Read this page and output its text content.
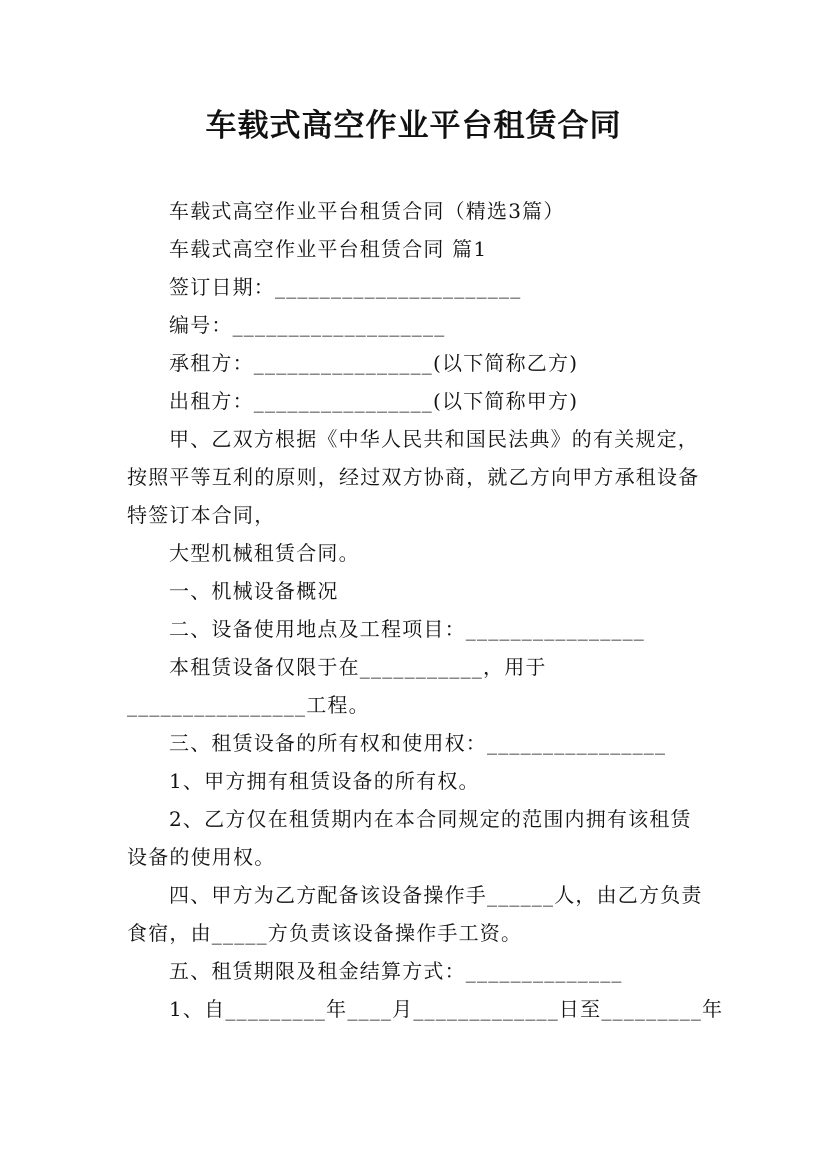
车载式高空作业平台租赁合同

车载式高空作业平台租赁合同（精选3篇）

车载式高空作业平台租赁合同 篇1

签订日期：______________________

编号：___________________

承租方：________________(以下简称乙方)

出租方：________________(以下简称甲方)

甲、乙双方根据《中华人民共和国民法典》的有关规定，按照平等互利的原则，经过双方协商，就乙方向甲方承租设备特签订本合同，

大型机械租赁合同。

一、机械设备概况

二、设备使用地点及工程项目：________________

本租赁设备仅限于在___________，用于________________工程。

三、租赁设备的所有权和使用权：________________

1、甲方拥有租赁设备的所有权。

2、乙方仅在租赁期内在本合同规定的范围内拥有该租赁设备的使用权。

四、甲方为乙方配备该设备操作手______人，由乙方负责食宿，由_____方负责该设备操作手工资。

五、租赁期限及租金结算方式：______________

1、自_________年____月_____________日至_________年
